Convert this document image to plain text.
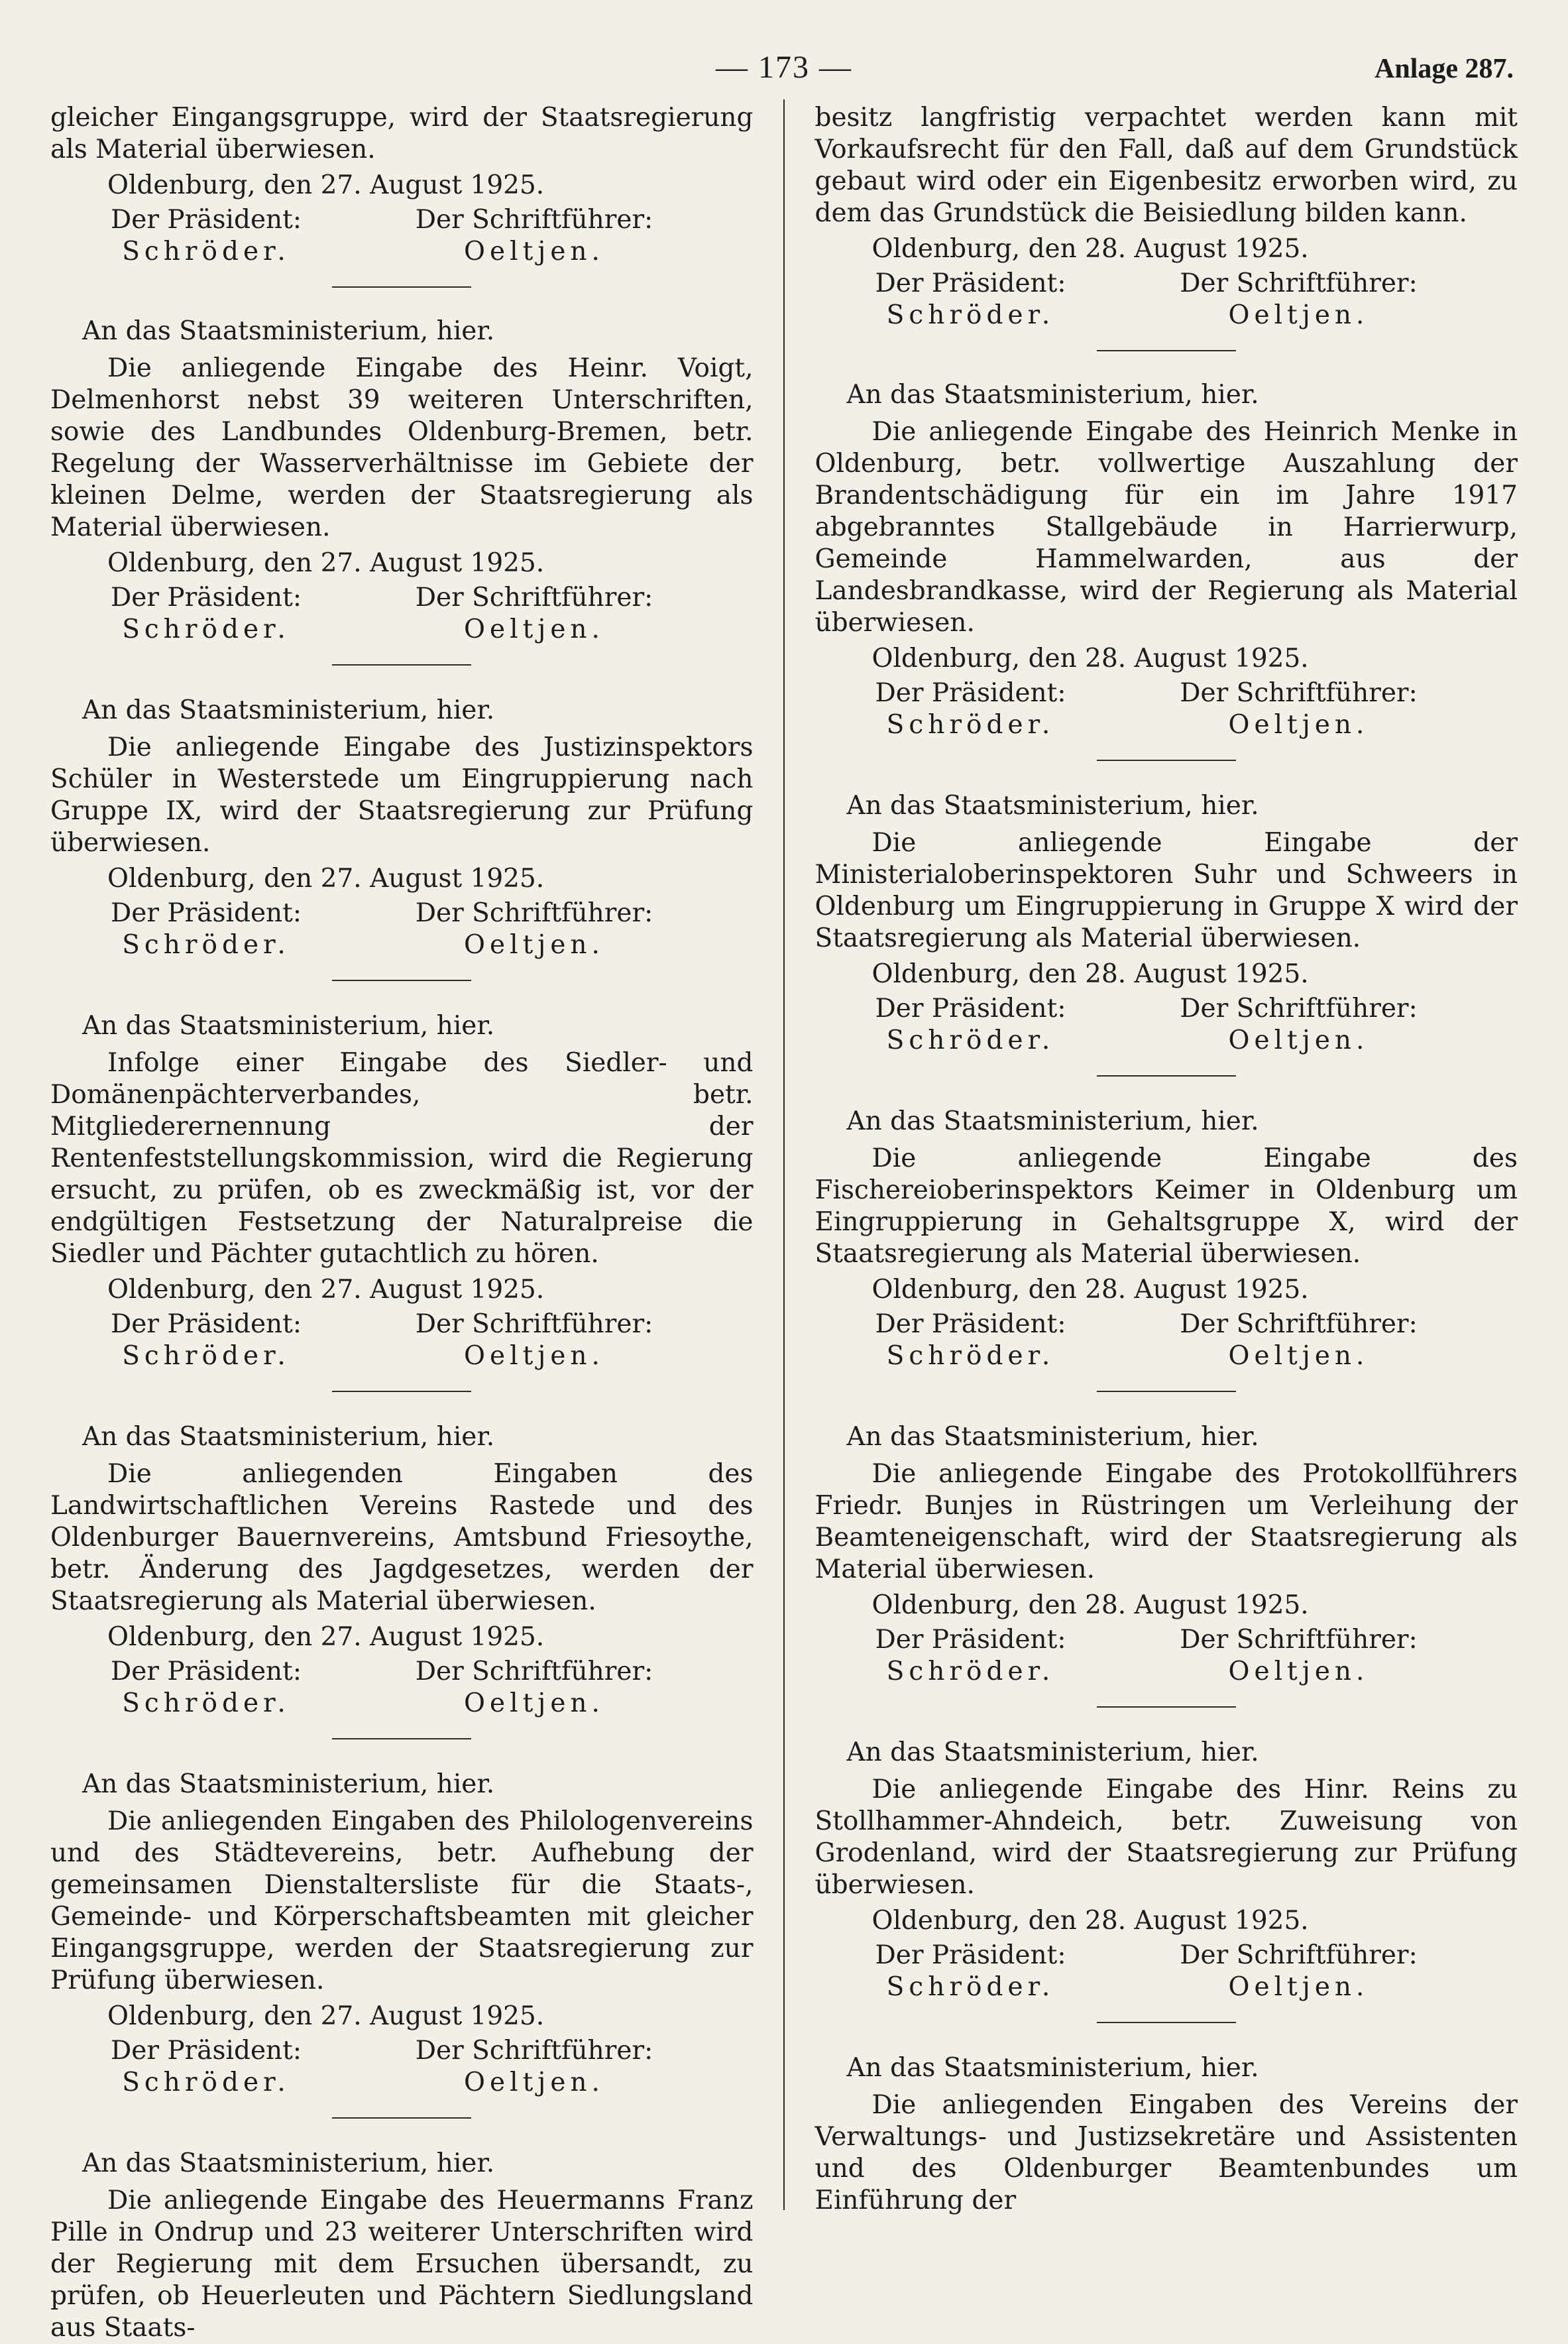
— 173 —	Anlage 287.

gleicher Eingangsgruppe, wird der Staatsregierung als Material überwiesen.

Oldenburg, den 27. August 1925.
Der Präsident:
Schröder.
Der Schriftführer:
Oeltjen.
An das Staatsministerium, hier.

Die anliegende Eingabe des Heinr. Voigt, Delmenhorst nebst 39 weiteren Unterschriften, sowie des Landbundes Oldenburg-Bremen, betr. Regelung der Wasserverhältnisse im Gebiete der kleinen Delme, werden der Staatsregierung als Material überwiesen.

Oldenburg, den 27. August 1925.
Der Präsident:
Schröder.
Der Schriftführer:
Oeltjen.
An das Staatsministerium, hier.

Die anliegende Eingabe des Justizinspektors Schüler in Westerstede um Eingruppierung nach Gruppe IX, wird der Staatsregierung zur Prüfung überwiesen.

Oldenburg, den 27. August 1925.
Der Präsident:
Schröder.
Der Schriftführer:
Oeltjen.
An das Staatsministerium, hier.

Infolge einer Eingabe des Siedler- und Domänenpächterverbandes, betr. Mitgliederernennung der Rentenfeststellungskommission, wird die Regierung ersucht, zu prüfen, ob es zweckmäßig ist, vor der endgültigen Festsetzung der Naturalpreise die Siedler und Pächter gutachtlich zu hören.

Oldenburg, den 27. August 1925.
Der Präsident:
Schröder.
Der Schriftführer:
Oeltjen.
An das Staatsministerium, hier.

Die anliegenden Eingaben des Landwirtschaftlichen Vereins Rastede und des Oldenburger Bauernvereins, Amtsbund Friesoythe, betr. Änderung des Jagdgesetzes, werden der Staatsregierung als Material überwiesen.

Oldenburg, den 27. August 1925.
Der Präsident:
Schröder.
Der Schriftführer:
Oeltjen.
An das Staatsministerium, hier.

Die anliegenden Eingaben des Philologenvereins und des Städtevereins, betr. Aufhebung der gemeinsamen Dienstaltersliste für die Staats-, Gemeinde- und Körperschaftsbeamten mit gleicher Eingangsgruppe, werden der Staatsregierung zur Prüfung überwiesen.

Oldenburg, den 27. August 1925.
Der Präsident:
Schröder.
Der Schriftführer:
Oeltjen.
An das Staatsministerium, hier.

Die anliegende Eingabe des Heuermanns Franz Pille in Ondrup und 23 weiterer Unterschriften wird der Regierung mit dem Ersuchen übersandt, zu prüfen, ob Heuerleuten und Pächtern Siedlungsland aus Staats-

besitz langfristig verpachtet werden kann mit Vorkaufsrecht für den Fall, daß auf dem Grundstück gebaut wird oder ein Eigenbesitz erworben wird, zu dem das Grundstück die Beisiedlung bilden kann.

Oldenburg, den 28. August 1925.
Der Präsident:
Schröder.
Der Schriftführer:
Oeltjen.
An das Staatsministerium, hier.

Die anliegende Eingabe des Heinrich Menke in Oldenburg, betr. vollwertige Auszahlung der Brandentschädigung für ein im Jahre 1917 abgebranntes Stallgebäude in Harrierwurp, Gemeinde Hammelwarden, aus der Landesbrandkasse, wird der Regierung als Material überwiesen.

Oldenburg, den 28. August 1925.
Der Präsident:
Schröder.
Der Schriftführer:
Oeltjen.
An das Staatsministerium, hier.

Die anliegende Eingabe der Ministerialoberinspektoren Suhr und Schweers in Oldenburg um Eingruppierung in Gruppe X wird der Staatsregierung als Material überwiesen.

Oldenburg, den 28. August 1925.
Der Präsident:
Schröder.
Der Schriftführer:
Oeltjen.
An das Staatsministerium, hier.

Die anliegende Eingabe des Fischereioberinspektors Keimer in Oldenburg um Eingruppierung in Gehaltsgruppe X, wird der Staatsregierung als Material überwiesen.

Oldenburg, den 28. August 1925.
Der Präsident:
Schröder.
Der Schriftführer:
Oeltjen.
An das Staatsministerium, hier.

Die anliegende Eingabe des Protokollführers Friedr. Bunjes in Rüstringen um Verleihung der Beamteneigenschaft, wird der Staatsregierung als Material überwiesen.

Oldenburg, den 28. August 1925.
Der Präsident:
Schröder.
Der Schriftführer:
Oeltjen.
An das Staatsministerium, hier.

Die anliegende Eingabe des Hinr. Reins zu Stollhammer-Ahndeich, betr. Zuweisung von Grodenland, wird der Staatsregierung zur Prüfung überwiesen.

Oldenburg, den 28. August 1925.
Der Präsident:
Schröder.
Der Schriftführer:
Oeltjen.
An das Staatsministerium, hier.

Die anliegenden Eingaben des Vereins der Verwaltungs- und Justizsekretäre und Assistenten und des Oldenburger Beamtenbundes um Einführung der
